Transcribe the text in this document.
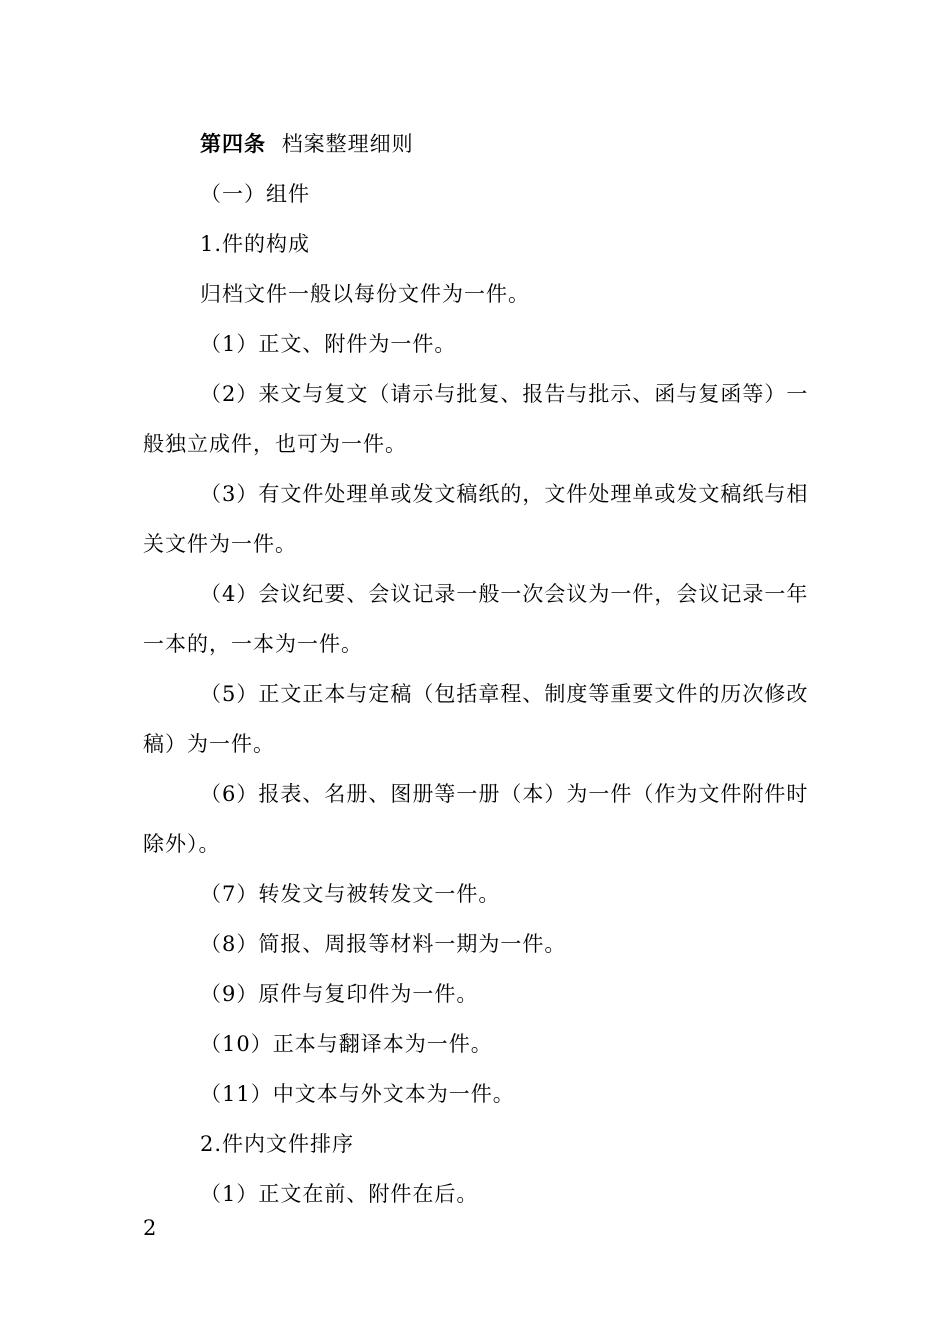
第四条 档案整理细则
（一）组件
1.件的构成
归档文件一般以每份文件为一件。
（1）正文、附件为一件。
（2）来文与复文（请示与批复、报告与批示、函与复函等）一
般独立成件，也可为一件。
（3）有文件处理单或发文稿纸的，文件处理单或发文稿纸与相
关文件为一件。
（4）会议纪要、会议记录一般一次会议为一件，会议记录一年
一本的，一本为一件。
（5）正文正本与定稿（包括章程、制度等重要文件的历次修改
稿）为一件。
（6）报表、名册、图册等一册（本）为一件（作为文件附件时
除外）。
（7）转发文与被转发文一件。
（8）简报、周报等材料一期为一件。
（9）原件与复印件为一件。
（10）正本与翻译本为一件。
（11）中文本与外文本为一件。
2.件内文件排序
（1）正文在前、附件在后。
2
